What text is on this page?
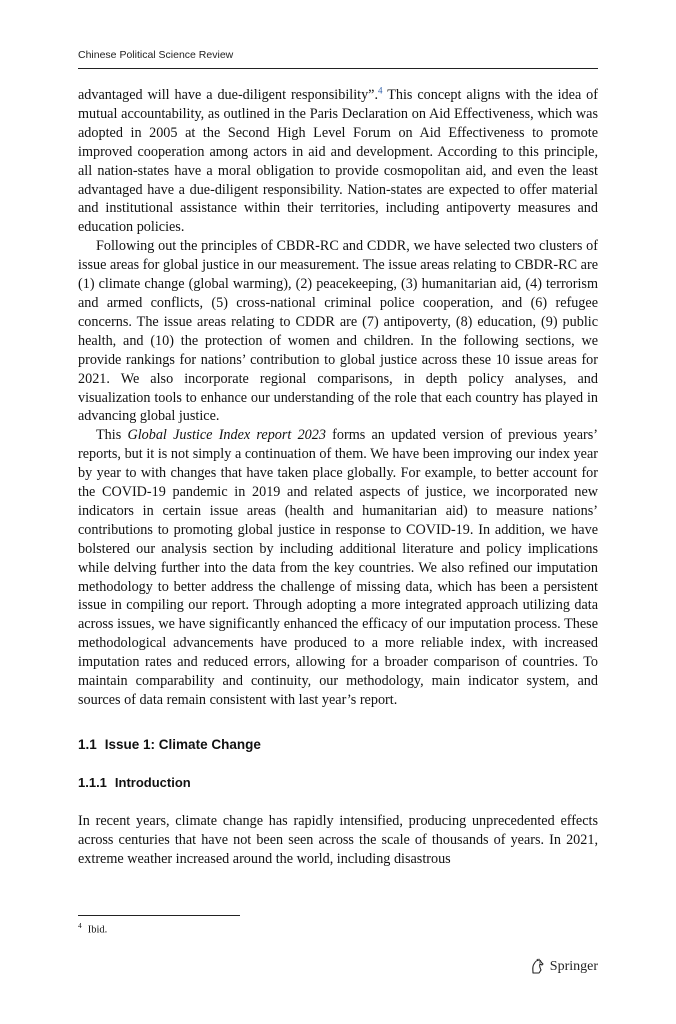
Chinese Political Science Review

advantaged will have a due-diligent responsibility”.$^4$ This concept aligns with the idea of mutual accountability, as outlined in the Paris Declaration on Aid Effectiveness, which was adopted in 2005 at the Second High Level Forum on Aid Effectiveness to promote improved cooperation among actors in aid and development. According to this principle, all nation-states have a moral obligation to provide cosmopolitan aid, and even the least advantaged have a due-diligent responsibility. Nation-states are expected to offer material and institutional assistance within their territories, including antipoverty measures and education policies.

Following out the principles of CBDR-RC and CDDR, we have selected two clusters of issue areas for global justice in our measurement. The issue areas relating to CBDR-RC are (1) climate change (global warming), (2) peacekeeping, (3) humanitarian aid, (4) terrorism and armed conflicts, (5) cross-national criminal police cooperation, and (6) refugee concerns. The issue areas relating to CDDR are (7) antipoverty, (8) education, (9) public health, and (10) the protection of women and children. In the following sections, we provide rankings for nations’ contribution to global justice across these 10 issue areas for 2021. We also incorporate regional comparisons, in depth policy analyses, and visualization tools to enhance our understanding of the role that each country has played in advancing global justice.

This Global Justice Index report 2023 forms an updated version of previous years’ reports, but it is not simply a continuation of them. We have been improving our index year by year to with changes that have taken place globally. For example, to better account for the COVID-19 pandemic in 2019 and related aspects of justice, we incorporated new indicators in certain issue areas (health and humanitarian aid) to measure nations’ contributions to promoting global justice in response to COVID-19. In addition, we have bolstered our analysis section by including additional literature and policy implications while delving further into the data from the key countries. We also refined our imputation methodology to better address the challenge of missing data, which has been a persistent issue in compiling our report. Through adopting a more integrated approach utilizing data across issues, we have significantly enhanced the efficacy of our imputation process. These methodological advancements have produced to a more reliable index, with increased imputation rates and reduced errors, allowing for a broader comparison of countries. To maintain comparability and continuity, our methodology, main indicator system, and sources of data remain consistent with last year’s report.

1.1 Issue 1: Climate Change
1.1.1 Introduction

In recent years, climate change has rapidly intensified, producing unprecedented effects across centuries that have not been seen across the scale of thousands of years. In 2021, extreme weather increased around the world, including disastrous

$^4$ Ibid.
Springer
